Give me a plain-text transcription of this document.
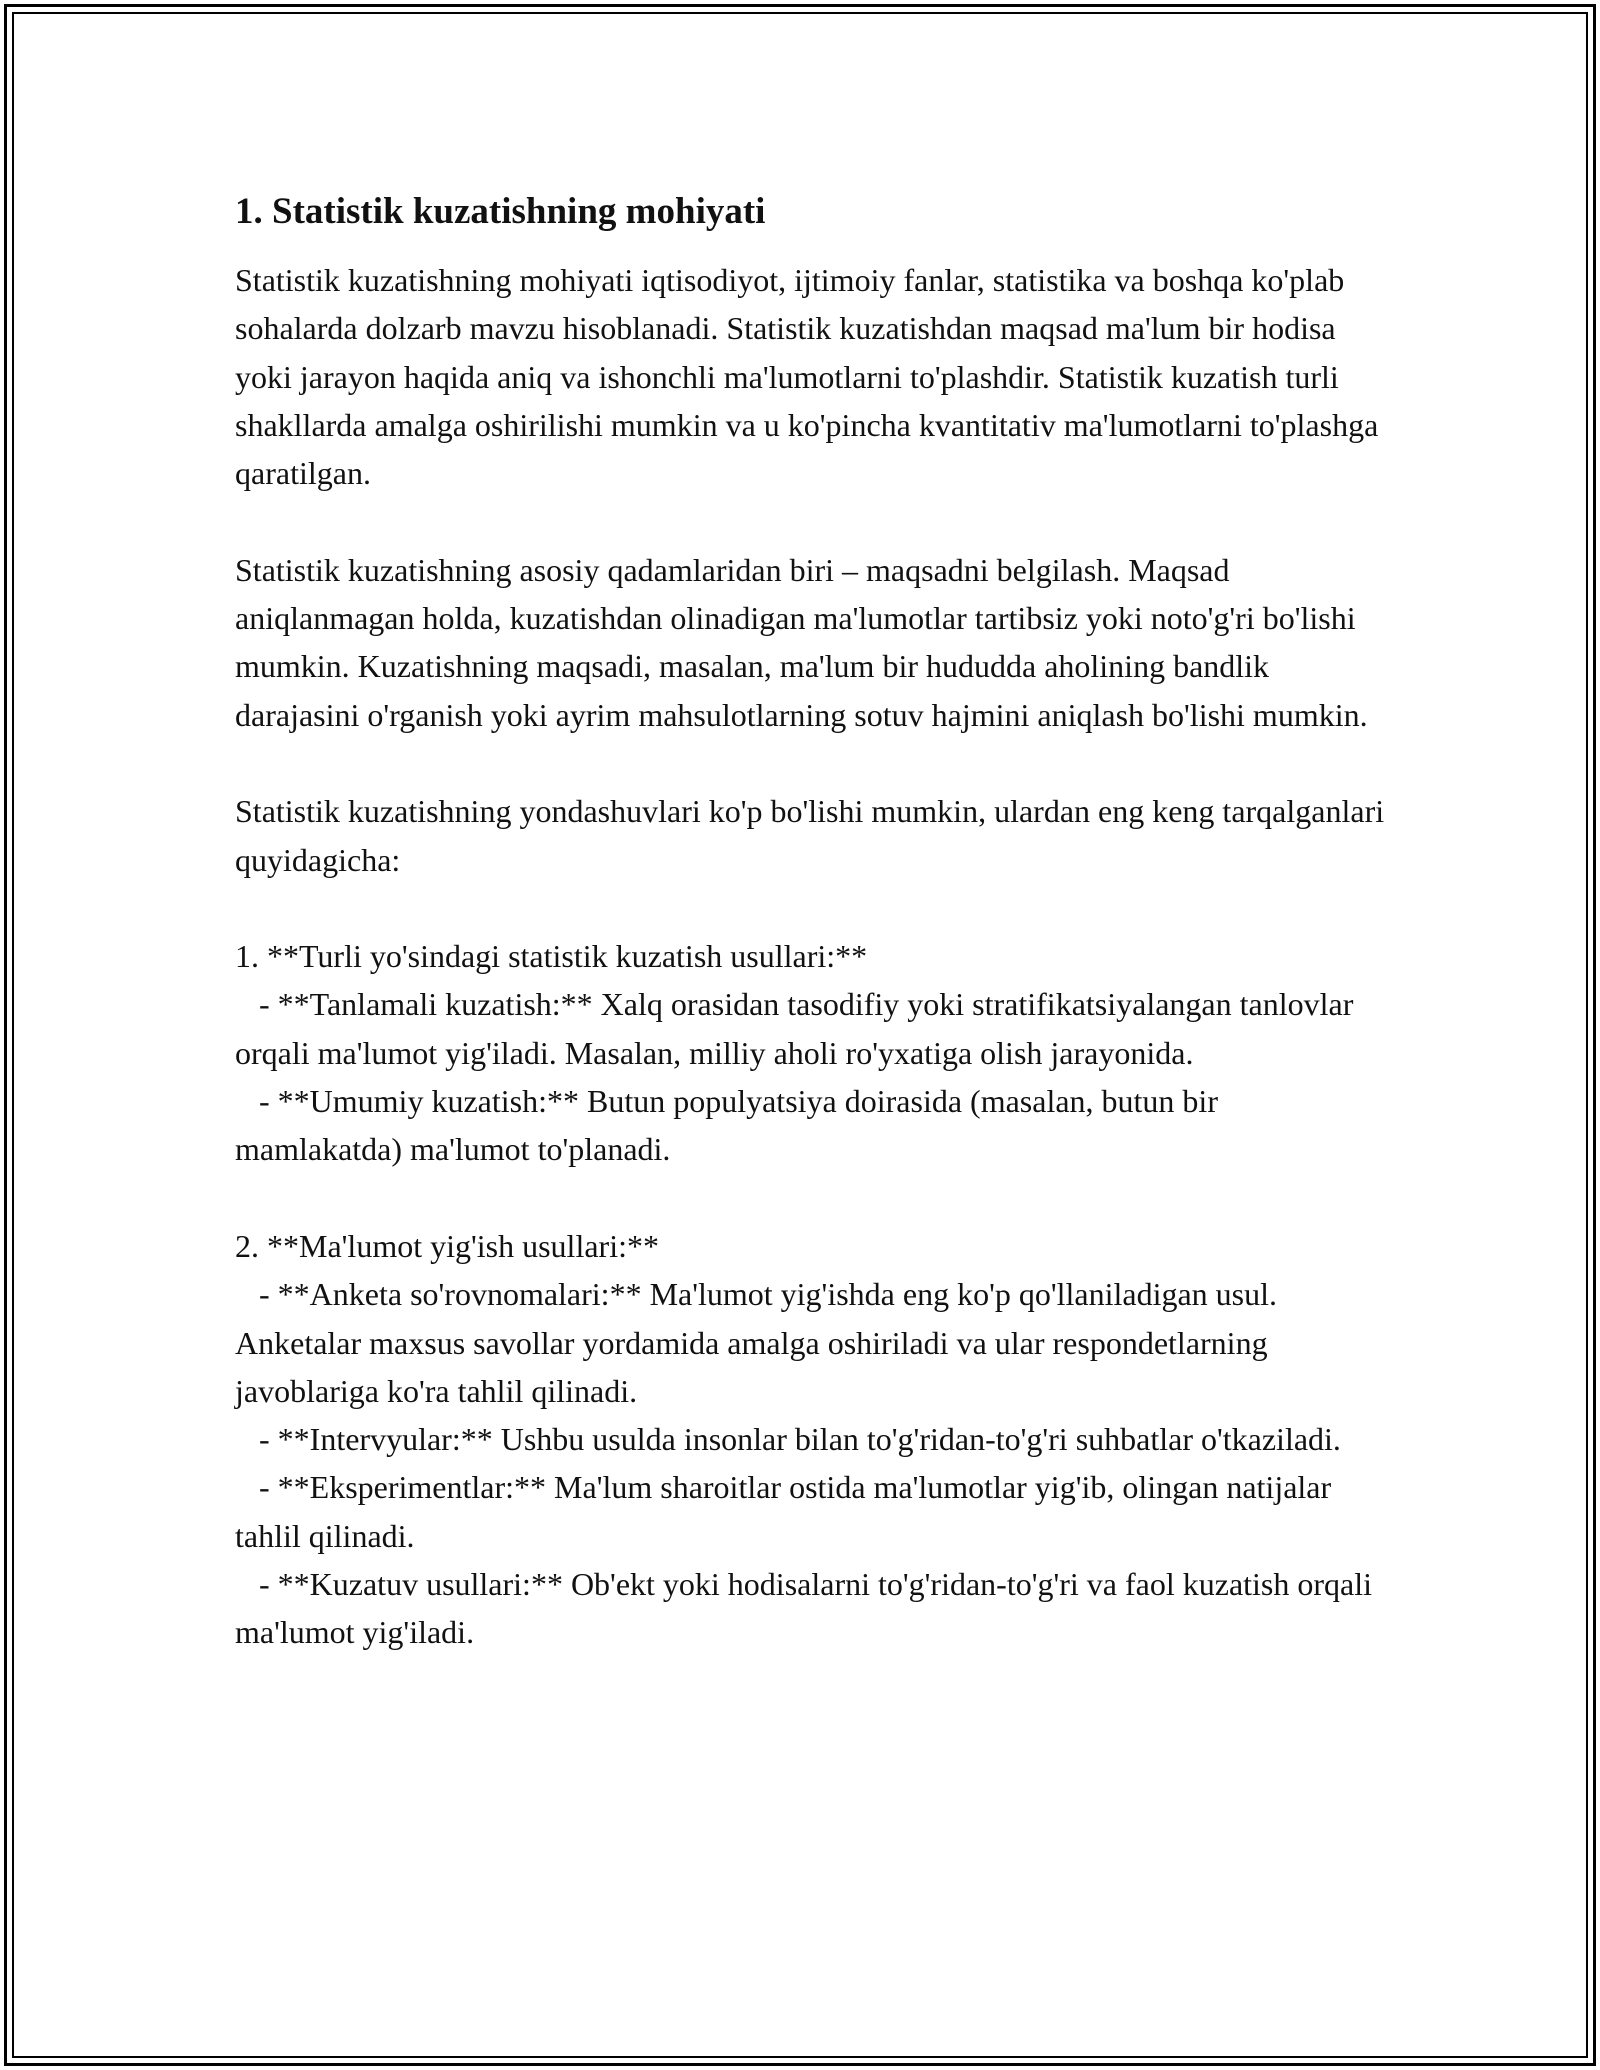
1. Statistik kuzatishning mohiyati

Statistik kuzatishning mohiyati iqtisodiyot, ijtimoiy fanlar, statistika va boshqa ko'plab sohalarda dolzarb mavzu hisoblanadi. Statistik kuzatishdan maqsad ma'lum bir hodisa yoki jarayon haqida aniq va ishonchli ma'lumotlarni to'plashdir. Statistik kuzatish turli shakllarda amalga oshirilishi mumkin va u ko'pincha kvantitativ ma'lumotlarni to'plashga qaratilgan.

Statistik kuzatishning asosiy qadamlaridan biri – maqsadni belgilash. Maqsad aniqlanmagan holda, kuzatishdan olinadigan ma'lumotlar tartibsiz yoki noto'g'ri bo'lishi mumkin. Kuzatishning maqsadi, masalan, ma'lum bir hududda aholining bandlik darajasini o'rganish yoki ayrim mahsulotlarning sotuv hajmini aniqlash bo'lishi mumkin.

Statistik kuzatishning yondashuvlari ko'p bo'lishi mumkin, ulardan eng keng tarqalganlari quyidagicha:

1. **Turli yo'sindagi statistik kuzatish usullari:**
- **Tanlamali kuzatish:** Xalq orasidan tasodifiy yoki stratifikatsiyalangan tanlovlar orqali ma'lumot yig'iladi. Masalan, milliy aholi ro'yxatiga olish jarayonida.
- **Umumiy kuzatish:** Butun populyatsiya doirasida (masalan, butun bir mamlakatda) ma'lumot to'planadi.
2. **Ma'lumot yig'ish usullari:**
- **Anketa so'rovnomalari:** Ma'lumot yig'ishda eng ko'p qo'llaniladigan usul. Anketalar maxsus savollar yordamida amalga oshiriladi va ular respondetlarning javoblariga ko'ra tahlil qilinadi.
- **Intervyular:** Ushbu usulda insonlar bilan to'g'ridan-to'g'ri suhbatlar o'tkaziladi.
- **Eksperimentlar:** Ma'lum sharoitlar ostida ma'lumotlar yig'ib, olingan natijalar tahlil qilinadi.
- **Kuzatuv usullari:** Ob'ekt yoki hodisalarni to'g'ridan-to'g'ri va faol kuzatish orqali ma'lumot yig'iladi.
